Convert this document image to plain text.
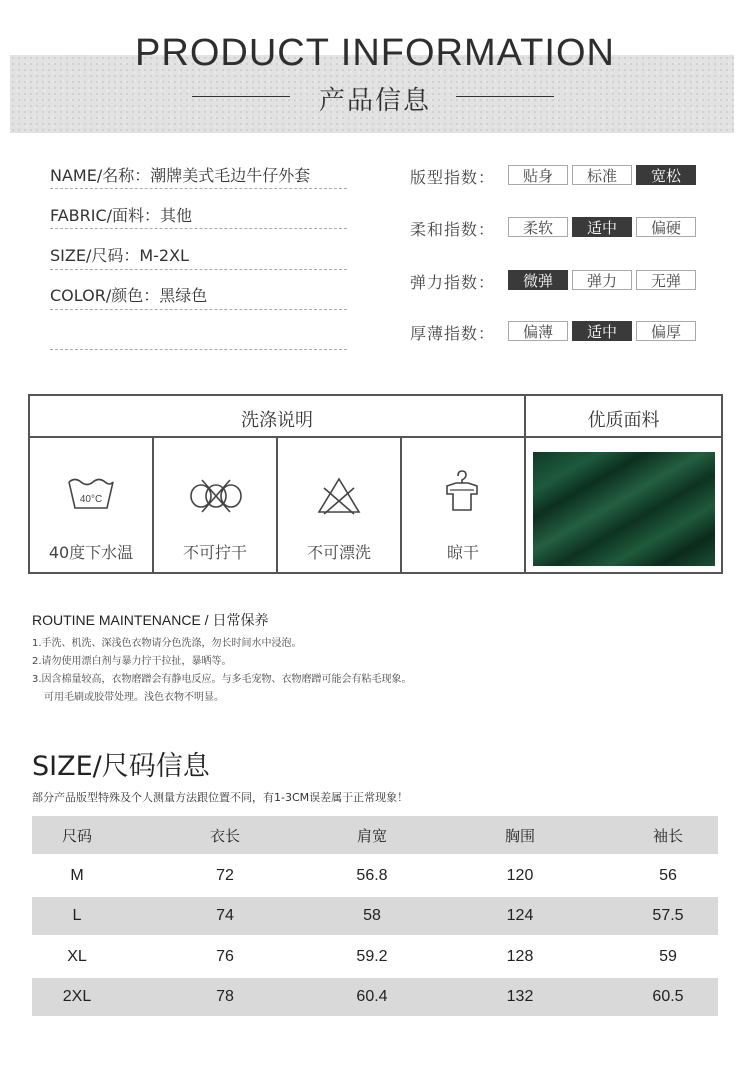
PRODUCT INFORMATION
产品信息
NAME/名称：潮牌美式毛边牛仔外套
FABRIC/面料：其他
SIZE/尺码：M-2XL
COLOR/颜色：黑绿色
版型指数：	贴身	标准	宽松
柔和指数：	柔软	适中	偏硬
弹力指数：	微弹	弹力	无弹
厚薄指数：	偏薄	适中	偏厚
洗涤说明	优质面料
40°C
40度下水温	不可拧干	不可漂洗	晾干
ROUTINE MAINTENANCE / 日常保养
1.手洗、机洗、深浅色衣物请分色洗涤，勿长时间水中浸泡。
2.请勿使用漂白剂与暴力拧干拉扯，暴晒等。
3.因含棉量较高，衣物磨蹭会有静电反应。与多毛宠物、衣物磨蹭可能会有粘毛现象。
可用毛刷或胶带处理。浅色衣物不明显。
SIZE/尺码信息
部分产品版型特殊及个人测量方法跟位置不同，有1-3CM误差属于正常现象！
尺码	衣长	肩宽	胸围	袖长
M	72	56.8	120	56
L	74	58	124	57.5
XL	76	59.2	128	59
2XL	78	60.4	132	60.5
